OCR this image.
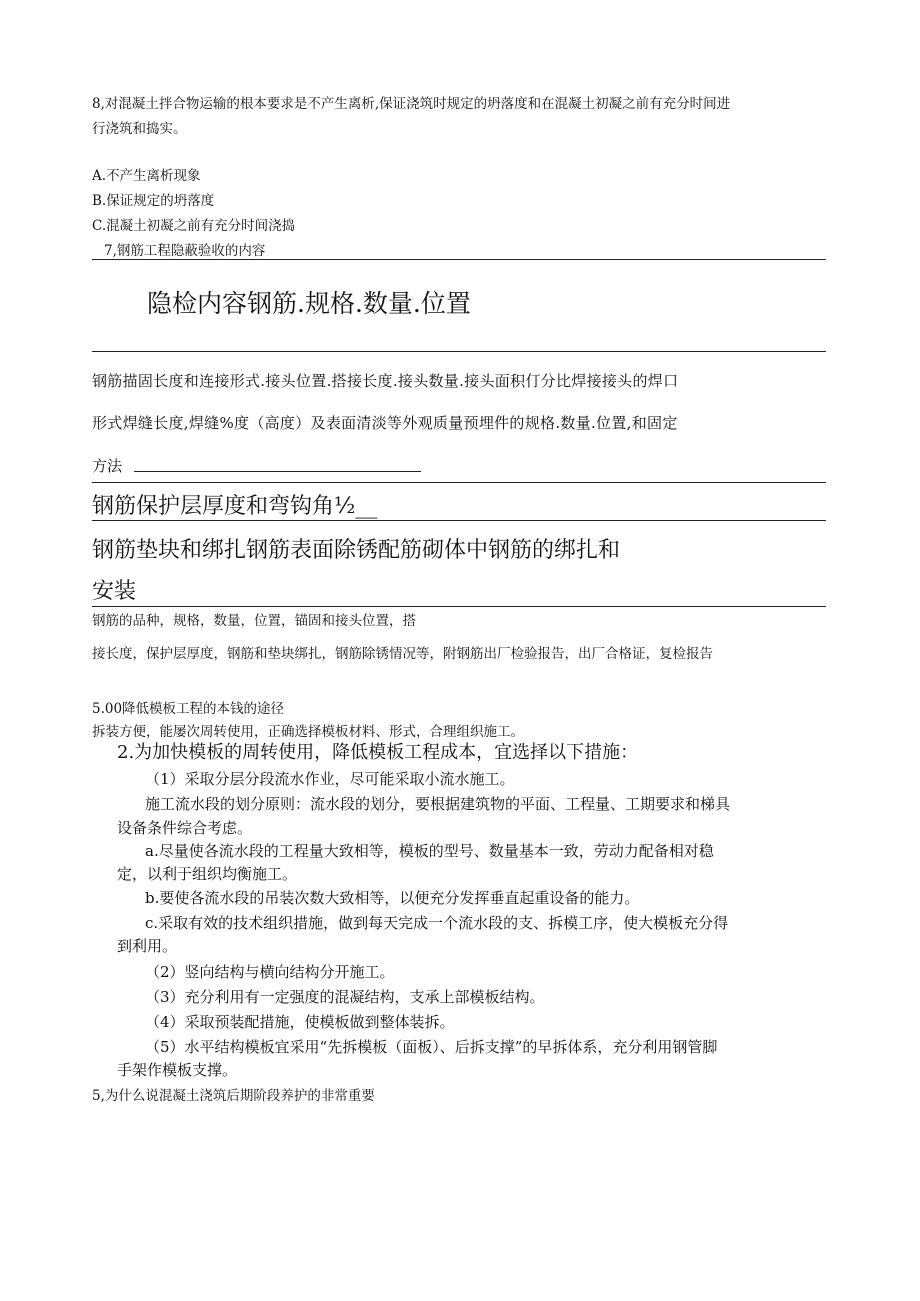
8,对混凝土拌合物运输的根本要求是不产生离析,保证浇筑时规定的坍落度和在混凝土初凝之前有充分时间进
行浇筑和捣实。
A.不产生离析现象
B.保证规定的坍落度
C.混凝土初凝之前有充分时间浇捣
7,钢筋工程隐蔽验收的内容
隐检内容钢筋.规格.数量.位置
钢筋描固长度和连接形式.接头位置.搭接长度.接头数量.接头面积仃分比焊接接头的焊口
形式焊缝长度,焊缝%度（高度）及表面清淡等外观质量预埋件的规格.数量.位置,和固定
方法
钢筋保护层厚度和弯钩角½__
钢筋垫块和绑扎钢筋表面除锈配筋砌体中钢筋的绑扎和
安装
钢筋的品种，规格，数量，位置，锚固和接头位置，搭
接长度，保护层厚度，钢筋和垫块绑扎，钢筋除锈情况等，附钢筋出厂检验报告，出厂合格证，复检报告
5.00降低模板工程的本钱的途径
拆装方便，能屡次周转使用，正确选择模板材料、形式，合理组织施工。
2.为加快模板的周转使用，降低模板工程成本，宜选择以下措施：
（1）采取分层分段流水作业，尽可能采取小流水施工。
施工流水段的划分原则：流水段的划分，要根据建筑物的平面、工程量、工期要求和梯具
设备条件综合考虑。
a.尽量使各流水段的工程量大致相等，模板的型号、数量基本一致，劳动力配备相对稳
定，以利于组织均衡施工。
b.要使各流水段的吊装次数大致相等，以便充分发挥垂直起重设备的能力。
c.采取有效的技术组织措施，做到每天完成一个流水段的支、拆模工序，使大模板充分得
到利用。
（2）竖向结构与横向结构分开施工。
（3）充分利用有一定强度的混凝结构，支承上部模板结构。
（4）采取预装配措施，使模板做到整体装拆。
（5）水平结构模板宜采用“先拆模板（面板）、后拆支撑”的早拆体系，充分利用钢管脚
手架作模板支撑。
5,为什么说混凝土浇筑后期阶段养护的非常重要
